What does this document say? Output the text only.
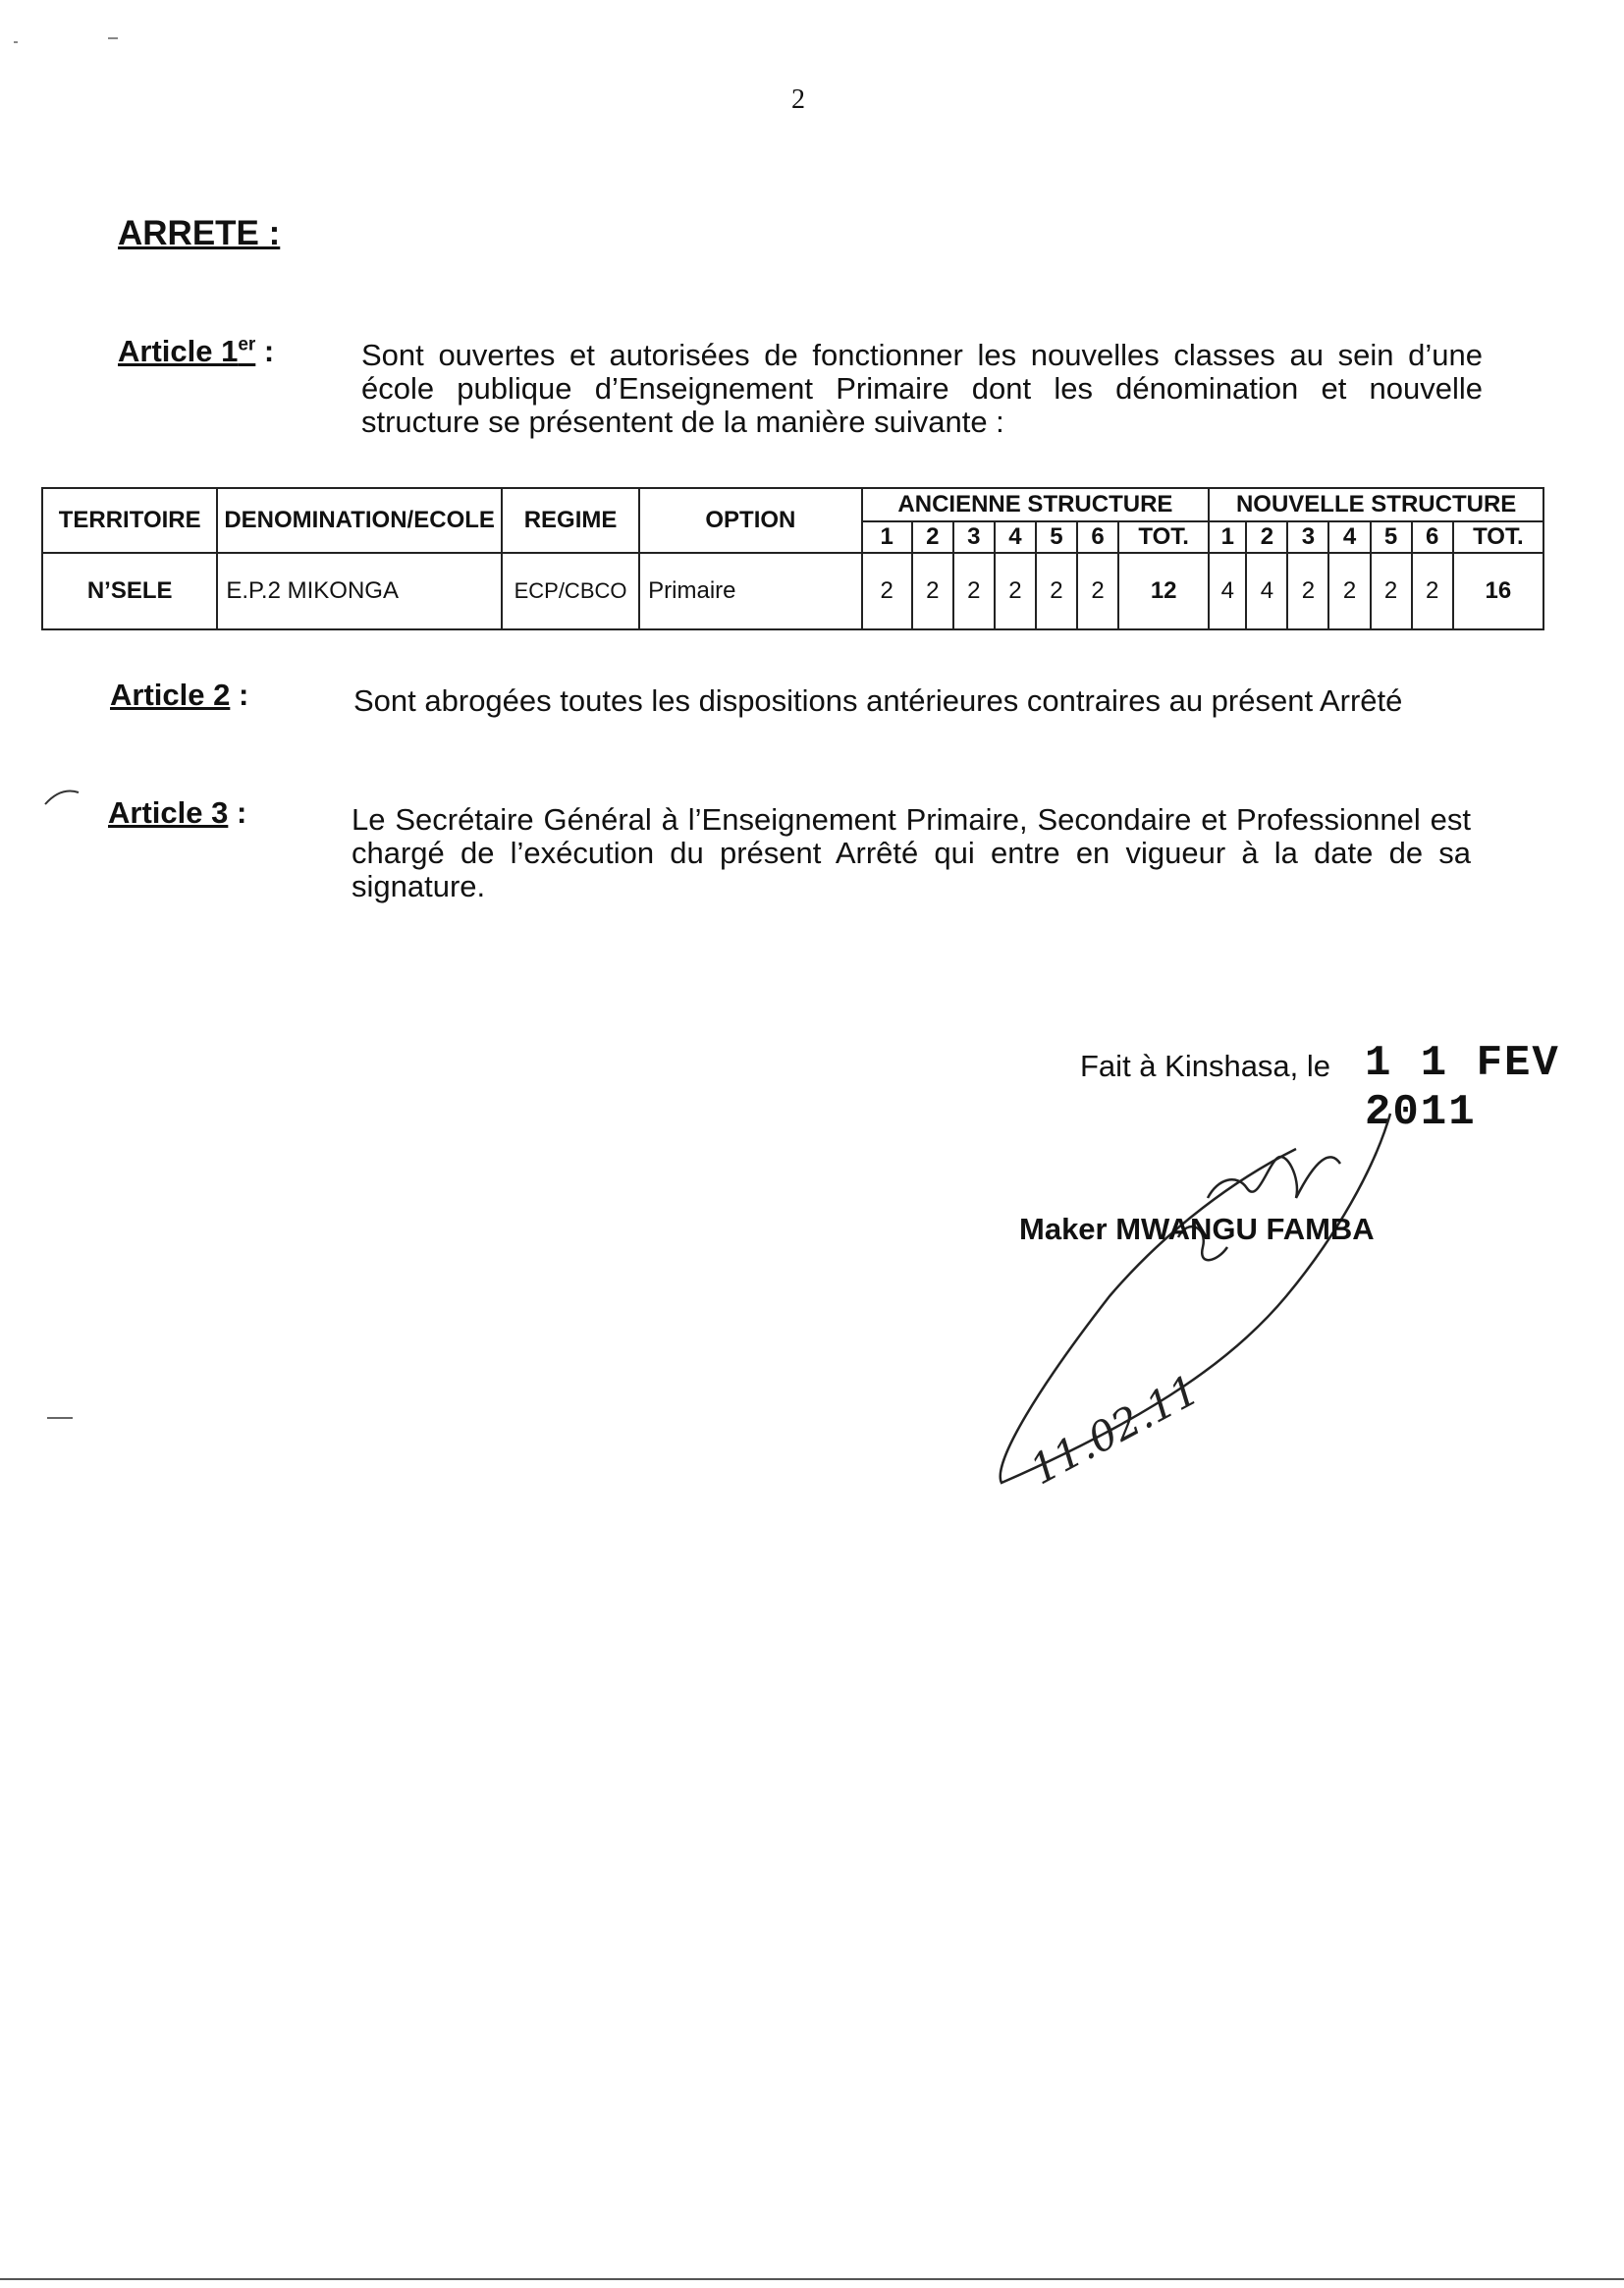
2
ARRETE :
Article 1er :	Sont ouvertes et autorisées de fonctionner les nouvelles classes au sein d’une école publique d’Enseignement Primaire dont les dénomination et nouvelle structure se présentent de la manière suivante :
TERRITOIRE	DENOMINATION/ECOLE	REGIME	OPTION	ANCIENNE STRUCTURE							NOUVELLE STRUCTURE						
				1	2	3	4	5	6	TOT.	1	2	3	4	5	6	TOT.
N’SELE	E.P.2 MIKONGA	ECP/CBCO	Primaire	2	2	2	2	2	2	12	4	4	2	2	2	2	16
Article 2 :	Sont abrogées toutes les dispositions antérieures contraires au présent Arrêté
Article 3 :	Le Secrétaire Général à l’Enseignement Primaire, Secondaire et Professionnel est chargé de l’exécution du présent Arrêté qui entre en vigueur à la date de sa signature.
Fait à Kinshasa, le 1 1 FEV 2011
Maker MWANGU FAMBA
11.02.11
